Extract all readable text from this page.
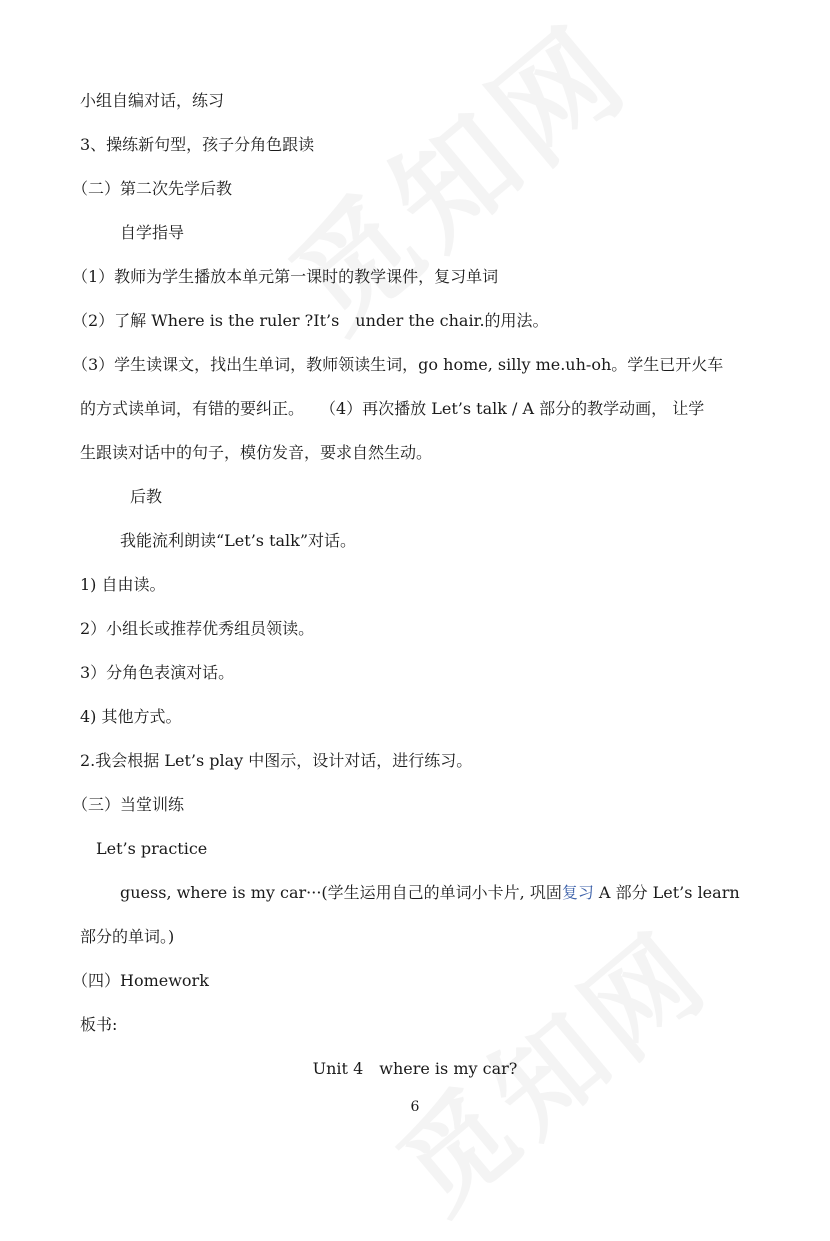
小组自编对话，练习
3、操练新句型，孩子分角色跟读
（二）第二次先学后教
自学指导
（1）教师为学生播放本单元第一课时的教学课件，复习单词
（2）了解 Where is the ruler ?It’s　under the chair.的用法。
（3）学生读课文，找出生单词，教师领读生词，go home, silly me.uh-oh。学生已开火车
的方式读单词，有错的要纠正。　　（4）再次播放 Let’s talk / A 部分的教学动画， 让学
生跟读对话中的句子，模仿发音，要求自然生动。
后教
我能流利朗读“Let’s talk”对话。
1) 自由读。
2）小组长或推荐优秀组员领读。
3）分角色表演对话。
4) 其他方式。
2.我会根据 Let’s play 中图示，设计对话，进行练习。
（三）当堂训练
Let’s practice
guess, where is my car···(学生运用自己的单词小卡片, 巩固复习 A 部分 Let’s learn
部分的单词。)
（四）Homework
板书:
Unit 4　where is my car?
6
